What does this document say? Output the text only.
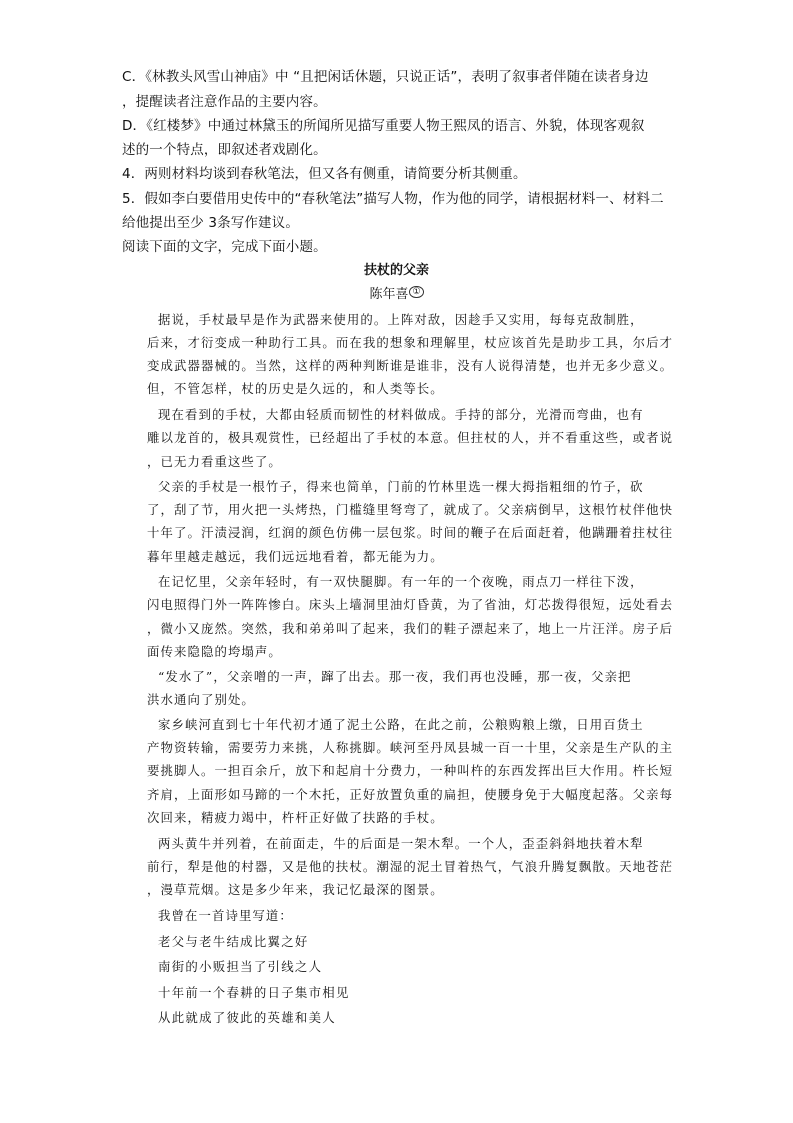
C．《林教头风雪山神庙》中 “且把闲话休题，只说正话”，表明了叙事者伴随在读者身边
，提醒读者注意作品的主要内容。
D．《红楼梦》中通过林黛玉的所闻所见描写重要人物王熙凤的语言、外貌，体现客观叙
述的一个特点，即叙述者戏剧化。
4．两则材料均谈到春秋笔法，但又各有侧重，请简要分析其侧重。
5．假如李白要借用史传中的“春秋笔法”描写人物，作为他的同学，请根据材料一、材料二
给他提出至少 3条写作建议。
阅读下面的文字，完成下面小题。
扶杖的父亲
陈年喜 ①
据说，手杖最早是作为武器来使用的。上阵对敌，因趁手又实用，每每克敌制胜，
后来，才衍变成一种助行工具。而在我的想象和理解里，杖应该首先是助步工具，尔后才
变成武器器械的。当然，这样的两种判断谁是谁非，没有人说得清楚，也并无多少意义。
但，不管怎样，杖的历史是久远的，和人类等长。
现在看到的手杖，大都由轻质而韧性的材料做成。手持的部分，光滑而弯曲，也有
雕以龙首的，极具观赏性，已经超出了手杖的本意。但拄杖的人，并不看重这些，或者说
，已无力看重这些了。
父亲的手杖是一根竹子，得来也简单，门前的竹林里选一棵大拇指粗细的竹子，砍
了，刮了节，用火把一头烤热，门槛缝里弩弯了，就成了。父亲病倒早，这根竹杖伴他快
十年了。汗渍浸润，红润的颜色仿佛一层包浆。时间的鞭子在后面赶着，他蹒跚着拄杖往
暮年里越走越远，我们远远地看着，都无能为力。
在记忆里，父亲年轻时，有一双快腿脚。有一年的一个夜晚，雨点刀一样往下泼，
闪电照得门外一阵阵惨白。床头上墙洞里油灯昏黄，为了省油，灯芯拨得很短，远处看去
，微小又庞然。突然，我和弟弟叫了起来，我们的鞋子漂起来了，地上一片汪洋。房子后
面传来隐隐的垮塌声。
“发水了”，父亲噌的一声，蹿了出去。那一夜，我们再也没睡，那一夜，父亲把
洪水通向了别处。
家乡峡河直到七十年代初才通了泥土公路，在此之前，公粮购粮上缴，日用百货土
产物资转输，需要劳力来挑，人称挑脚。峡河至丹凤县城一百一十里，父亲是生产队的主
要挑脚人。一担百余斤，放下和起肩十分费力，一种叫杵的东西发挥出巨大作用。杵长短
齐肩，上面形如马蹄的一个木托，正好放置负重的扁担，使腰身免于大幅度起落。父亲每
次回来，精疲力竭中，杵杆正好做了扶路的手杖。
两头黄牛并列着，在前面走，牛的后面是一架木犁。一个人，歪歪斜斜地扶着木犁
前行，犁是他的村器，又是他的扶杖。潮湿的泥土冒着热气，气浪升腾复飘散。天地苍茫
，漫草荒烟。这是多少年来，我记忆最深的图景。
我曾在一首诗里写道：
老父与老牛结成比翼之好
南街的小贩担当了引线之人
十年前一个春耕的日子集市相见
从此就成了彼此的英雄和美人
